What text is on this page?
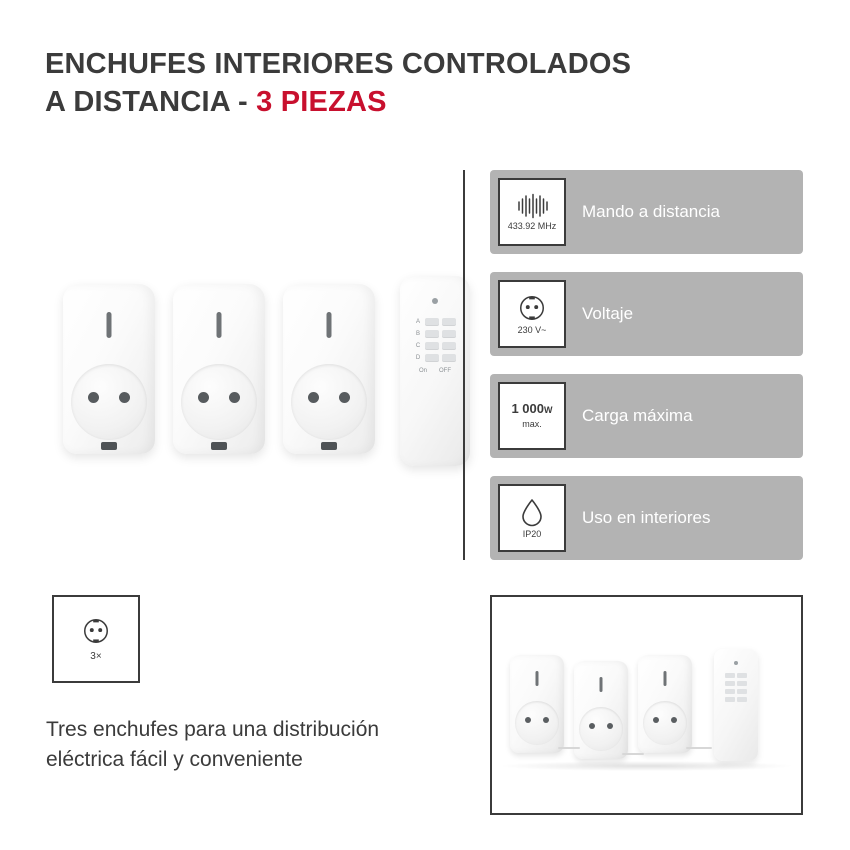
ENCHUFES INTERIORES CONTROLADOS
A DISTANCIA - 3 PIEZAS
A
B
C
D
On OFF
230 V~
Voltaje
1 000W
max. Carga máxima
IP20
Uso en interiores
433.92 MHz
Mando a distancia
3×
Tres enchufes para una distribución
eléctrica fácil y conveniente
